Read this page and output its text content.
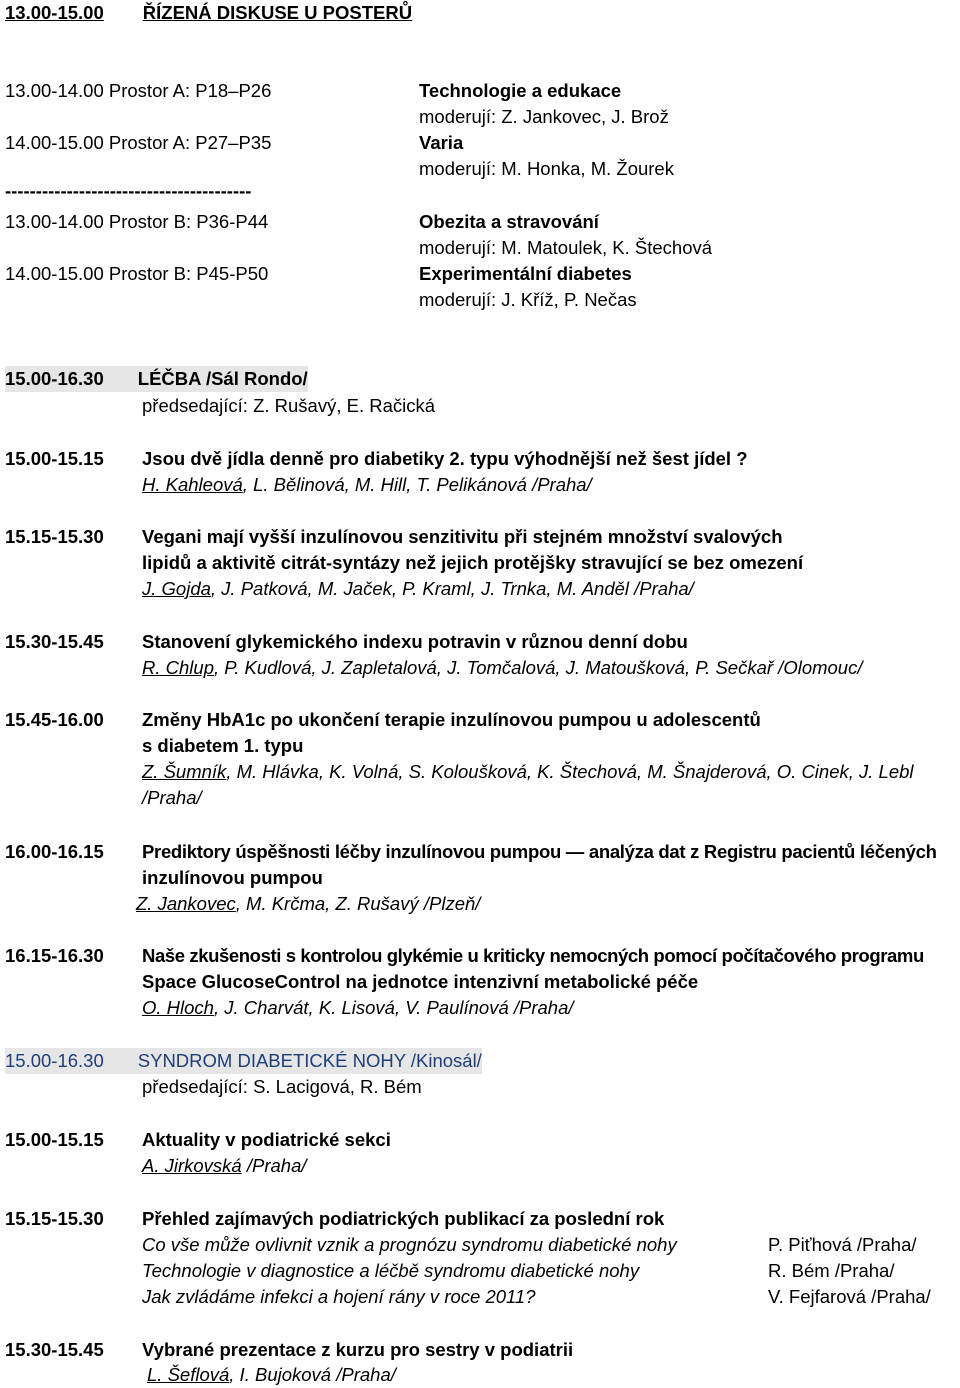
13.00-15.00 ŘÍZENÁ DISKUSE U POSTERŮ
13.00-14.00 Prostor A: P18–P26	Technologie a edukace
moderují: Z. Jankovec, J. Brož
14.00-15.00 Prostor A: P27–P35	Varia
moderují: M. Honka, M. Žourek
----------------------------------------
13.00-14.00 Prostor B: P36-P44	Obezita a stravování
moderují: M. Matoulek, K. Štechová
14.00-15.00 Prostor B: P45-P50	Experimentální diabetes
moderují: J. Kříž, P. Nečas
15.00-16.30 LÉČBA /Sál Rondo/
předsedající: Z. Rušavý, E. Račická
15.00-15.15 Jsou dvě jídla denně pro diabetiky 2. typu výhodnější než šest jídel ?
H. Kahleová, L. Bělinová, M. Hill, T. Pelikánová /Praha/
15.15-15.30 Vegani mají vyšší inzulínovou senzitivitu při stejném množství svalových
lipidů a aktivitě citrát-syntázy než jejich protějšky stravující se bez omezení
J. Gojda, J. Patková, M. Jaček, P. Kraml, J. Trnka, M. Anděl /Praha/
15.30-15.45 Stanovení glykemického indexu potravin v různou denní dobu
R. Chlup, P. Kudlová, J. Zapletalová, J. Tomčalová, J. Matoušková, P. Sečkař /Olomouc/
15.45-16.00 Změny HbA1c po ukončení terapie inzulínovou pumpou u adolescentů
s diabetem 1. typu
Z. Šumník, M. Hlávka, K. Volná, S. Koloušková, K. Štechová, M. Šnajderová, O. Cinek, J. Lebl
/Praha/
16.00-16.15 Prediktory úspěšnosti léčby inzulínovou pumpou — analýza dat z Registru pacientů léčených
inzulínovou pumpou
Z. Jankovec, M. Krčma, Z. Rušavý /Plzeň/
16.15-16.30 Naše zkušenosti s kontrolou glykémie u kriticky nemocných pomocí počítačového programu
Space GlucoseControl na jednotce intenzivní metabolické péče
O. Hloch, J. Charvát, K. Lisová, V. Paulínová /Praha/
15.00-16.30 SYNDROM DIABETICKÉ NOHY /Kinosál/
předsedající: S. Lacigová, R. Bém
15.00-15.15 Aktuality v podiatrické sekci
A. Jirkovská /Praha/
15.15-15.30 Přehled zajímavých podiatrických publikací za poslední rok
Co vše může ovlivnit vznik a prognózu syndromu diabetické nohy	P. Piťhová /Praha/
Technologie v diagnostice a léčbě syndromu diabetické nohy	R. Bém /Praha/
Jak zvládáme infekci a hojení rány v roce 2011?	V. Fejfarová /Praha/
15.30-15.45 Vybrané prezentace z kurzu pro sestry v podiatrii
L. Šeflová, I. Bujoková /Praha/
